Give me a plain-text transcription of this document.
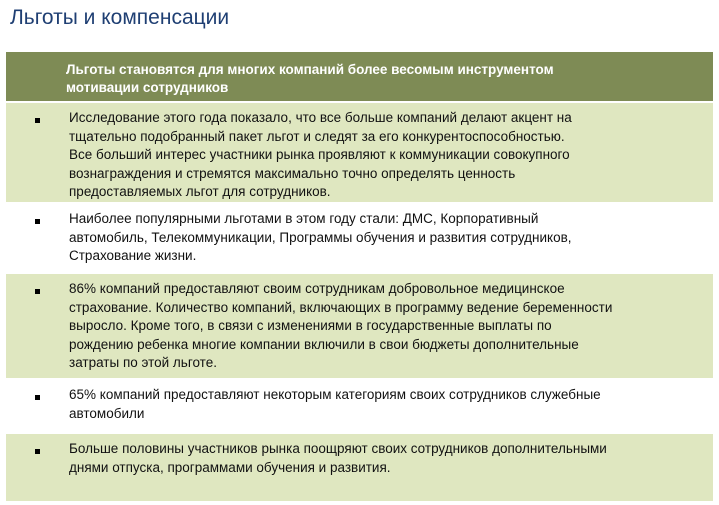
Льготы и компенсации
Льготы становятся для многих компаний более весомым инструментом
мотивации сотрудников
Исследование этого года показало, что все больше компаний делают акцент на
тщательно подобранный пакет льгот и следят за его конкурентоспособностью.
Все больший интерес участники рынка проявляют к коммуникации совокупного
вознаграждения и стремятся максимально точно определять ценность
предоставляемых льгот для сотрудников.
Наиболее популярными льготами в этом году стали: ДМС, Корпоративный
автомобиль, Телекоммуникации, Программы обучения и развития сотрудников,
Страхование жизни.
86% компаний предоставляют своим сотрудникам добровольное медицинское
страхование. Количество компаний, включающих в программу ведение беременности
выросло. Кроме того, в связи с изменениями в государственные выплаты по
рождению ребенка многие компании включили в свои бюджеты дополнительные
затраты по этой льготе.
65% компаний предоставляют некоторым категориям своих сотрудников служебные
автомобили
Больше половины участников рынка поощряют своих сотрудников дополнительными
днями отпуска, программами обучения и развития.
